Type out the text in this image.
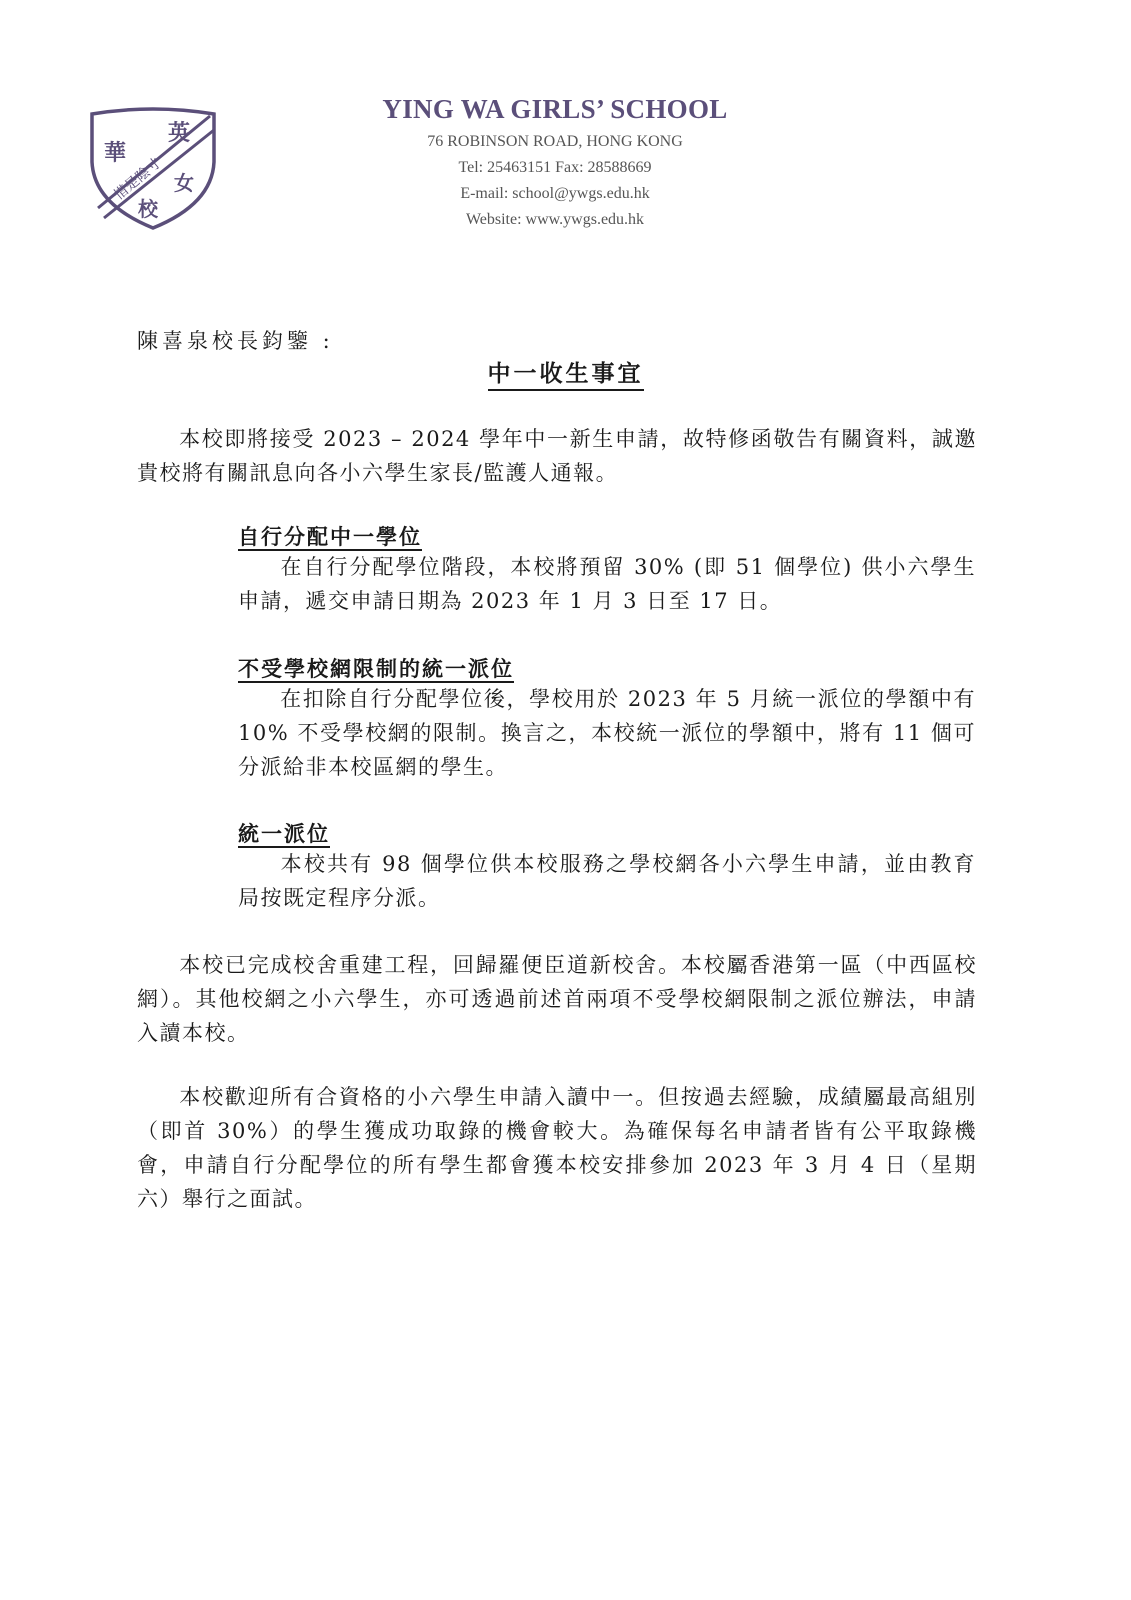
英
華
女
校
惜是陰寸
YING WA GIRLS’ SCHOOL
76 ROBINSON ROAD, HONG KONG
Tel: 25463151 Fax: 28588669
E-mail: school@ywgs.edu.hk
Website: www.ywgs.edu.hk
陳喜泉校長鈞鑒 :
中一收生事宜
本校即將接受 2023 – 2024 學年中一新生申請，故特修函敬告有關資料，誠邀　貴校將有關訊息向各小六學生家長/監護人通報。
自行分配中一學位
在自行分配學位階段，本校將預留 30% (即 51 個學位) 供小六學生申請，遞交申請日期為 2023 年 1 月 3 日至 17 日。
不受學校網限制的統一派位
在扣除自行分配學位後，學校用於 2023 年 5 月統一派位的學額中有 10% 不受學校網的限制。換言之，本校統一派位的學額中，將有 11 個可分派給非本校區網的學生。
統一派位
本校共有 98 個學位供本校服務之學校網各小六學生申請，並由教育局按既定程序分派。
本校已完成校舍重建工程，回歸羅便臣道新校舍。本校屬香港第一區（中西區校網）。其他校網之小六學生，亦可透過前述首兩項不受學校網限制之派位辦法，申請入讀本校。
本校歡迎所有合資格的小六學生申請入讀中一。但按過去經驗，成績屬最高組別（即首 30%）的學生獲成功取錄的機會較大。為確保每名申請者皆有公平取錄機會，申請自行分配學位的所有學生都會獲本校安排參加 2023 年 3 月 4 日（星期六）舉行之面試。
